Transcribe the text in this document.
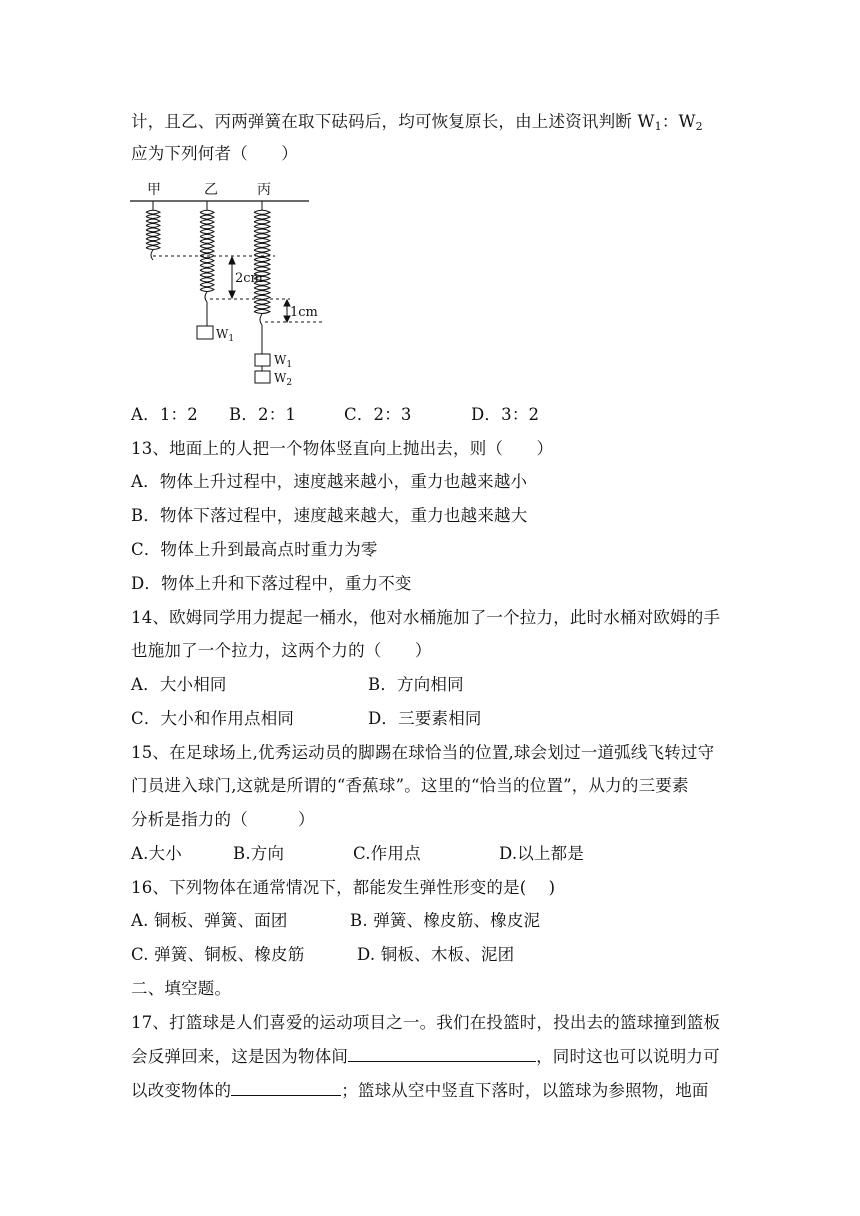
计，且乙、丙两弹簧在取下砝码后，均可恢复原长，由上述资讯判断 $W_1$：$W_2$
应为下列何者（　　）
甲	乙	丙
$W_1$
$W_1$
$W_2$
2cm
1cm
A．1：2 B．2：1	C．2：3	D．3：2
13、地面上的人把一个物体竖直向上抛出去，则（　　）
A．物体上升过程中，速度越来越小，重力也越来越小
B．物体下落过程中，速度越来越大，重力也越来越大
C．物体上升到最高点时重力为零
D．物体上升和下落过程中，重力不变
14、欧姆同学用力提起一桶水，他对水桶施加了一个拉力，此时水桶对欧姆的手
也施加了一个拉力，这两个力的（　　）
A．大小相同	B．方向相同
C．大小和作用点相同	D．三要素相同
15、在足球场上,优秀运动员的脚踢在球恰当的位置,球会划过一道弧线飞转过守
门员进入球门,这就是所谓的“香蕉球”。这里的“恰当的位置”，从力的三要素
分析是指力的（　　　）
A.大小	B.方向	C.作用点	D.以上都是
16、下列物体在通常情况下，都能发生弹性形变的是(　 )
A. 铜板、弹簧、面团	B. 弹簧、橡皮筋、橡皮泥
C. 弹簧、铜板、橡皮筋	D. 铜板、木板、泥团
二、填空题。
17、打篮球是人们喜爱的运动项目之一。我们在投篮时，投出去的篮球撞到篮板
会反弹回来，这是因为物体间	，同时这也可以说明力可
以改变物体的	；篮球从空中竖直下落时，以篮球为参照物，地面
